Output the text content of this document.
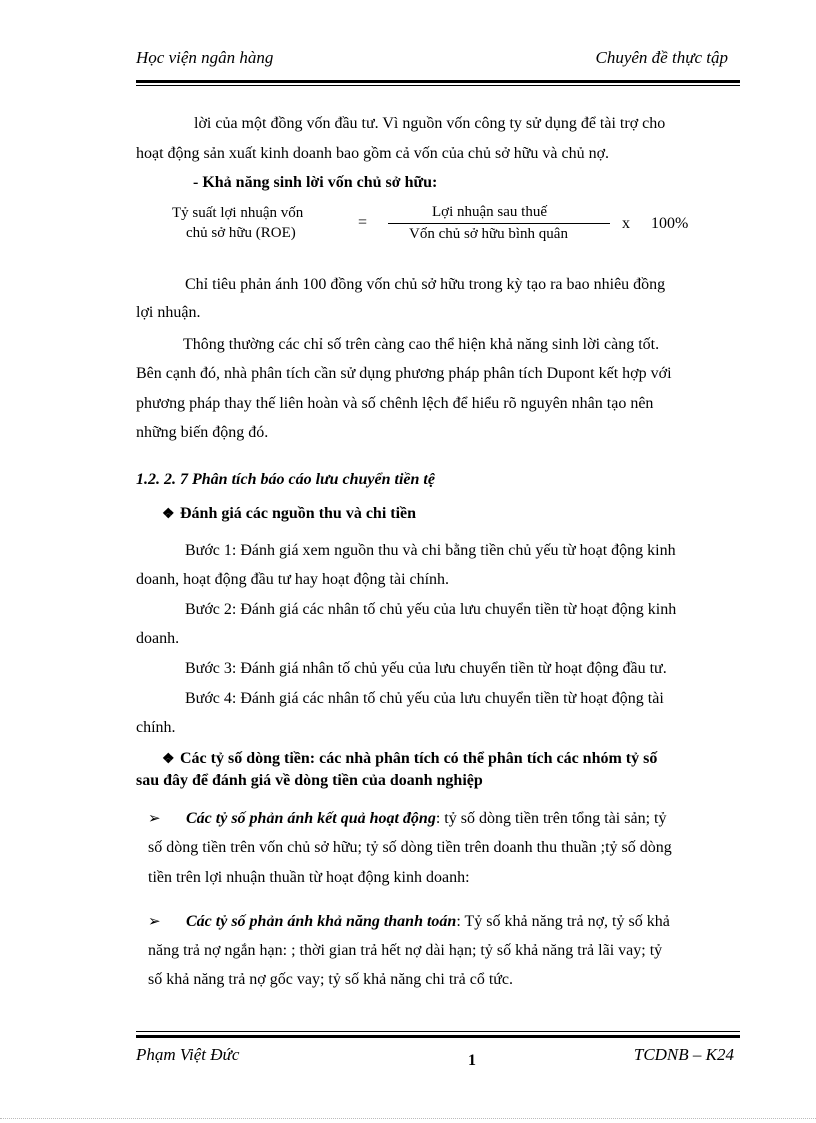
Học viện ngân hàng	Chuyên đề thực tập
lời của một đồng vốn đầu tư. Vì nguồn vốn công ty sử dụng để tài trợ cho
hoạt động sản xuất kinh doanh bao gồm cả vốn của chủ sở hữu và chủ nợ.
- Khả năng sinh lời vốn chủ sở hữu:
Tỷ suất lợi nhuận vốn
chủ sở hữu (ROE)
=
Lợi nhuận sau thuế
Vốn chủ sở hữu bình quân
x 100%
Chỉ tiêu phản ánh 100 đồng vốn chủ sở hữu trong kỳ tạo ra bao nhiêu đồng
lợi nhuận.
Thông thường các chỉ số trên càng cao thể hiện khả năng sinh lời càng tốt.
Bên cạnh đó, nhà phân tích cần sử dụng phương pháp phân tích Dupont kết hợp với
phương pháp thay thế liên hoàn và số chênh lệch để hiểu rõ nguyên nhân tạo nên
những biến động đó.
1.2. 2. 7 Phân tích báo cáo lưu chuyển tiền tệ
❖ Đánh giá các nguồn thu và chi tiền
Bước 1: Đánh giá xem nguồn thu và chi bằng tiền chủ yếu từ hoạt động kinh
doanh, hoạt động đầu tư hay hoạt động tài chính.
Bước 2: Đánh giá các nhân tố chủ yếu của lưu chuyển tiền từ hoạt động kinh
doanh.
Bước 3: Đánh giá nhân tố chủ yếu của lưu chuyển tiền từ hoạt động đầu tư.
Bước 4: Đánh giá các nhân tố chủ yếu của lưu chuyển tiền từ hoạt động tài
chính.
❖ Các tỷ số dòng tiền: các nhà phân tích có thể phân tích các nhóm tỷ số
sau đây để đánh giá về dòng tiền của doanh nghiệp
➢ Các tỷ số phản ánh kết quả hoạt động: tỷ số dòng tiền trên tổng tài sản; tỷ
số dòng tiền trên vốn chủ sở hữu; tỷ số dòng tiền trên doanh thu thuần ;tỷ số dòng
tiền trên lợi nhuận thuần từ hoạt động kinh doanh:
➢ Các tỷ số phản ánh khả năng thanh toán: Tỷ số khả năng trả nợ, tỷ số khả
năng trả nợ ngắn hạn: ; thời gian trả hết nợ dài hạn; tỷ số khả năng trả lãi vay; tỷ
số khả năng trả nợ gốc vay; tỷ số khả năng chi trả cổ tức.
Phạm Việt Đức	1	TCDNB – K24
